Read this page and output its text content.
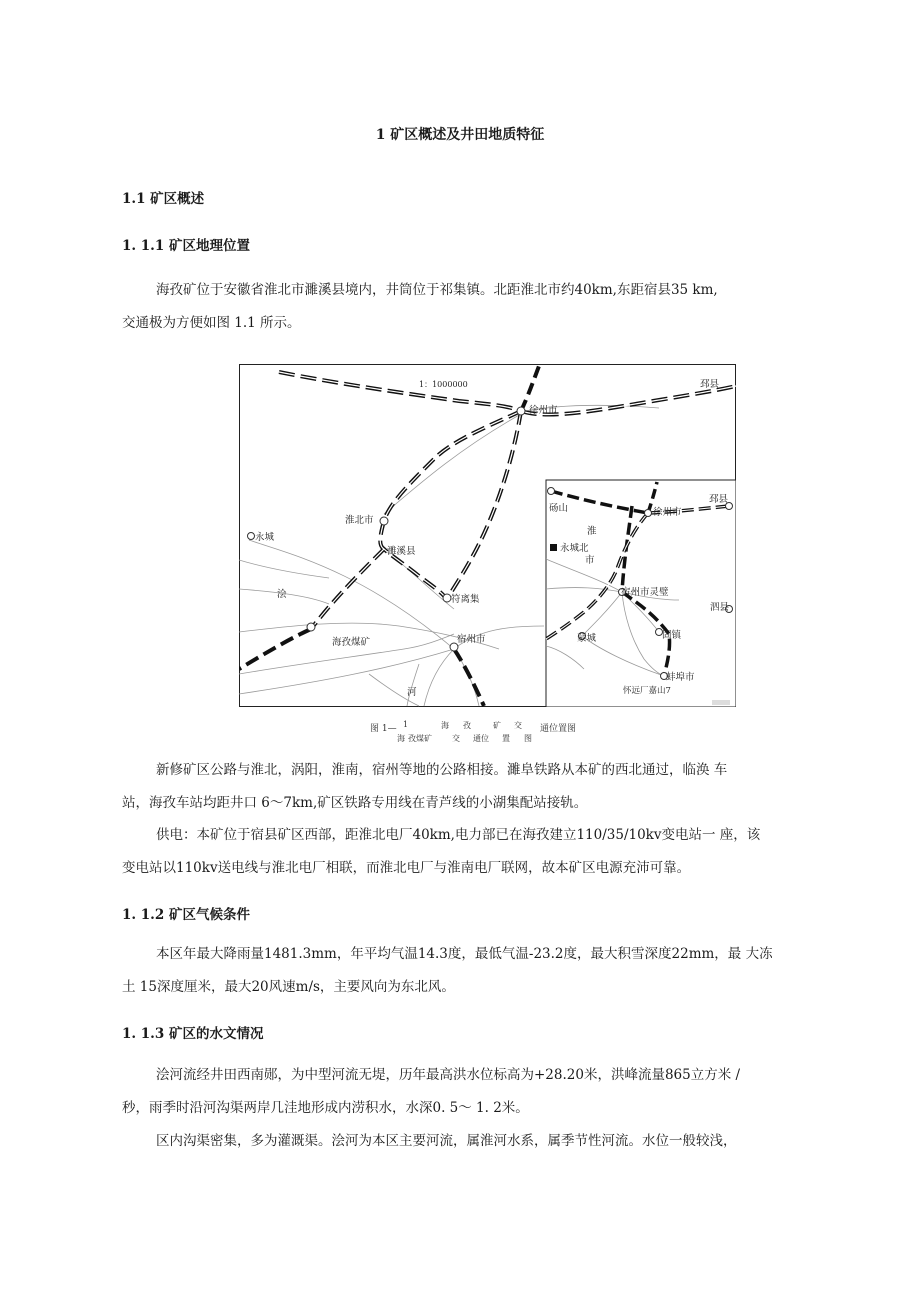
1 矿区概述及井田地质特征
1.1 矿区概述
1. 1.1 矿区地理位置
海孜矿位于安徽省淮北市濉溪县境内，井筒位于祁集镇。北距淮北市约40km,东距宿县35 km,
交通极为方便如图 1.1 所示。
1：1000000
徐州市
邳县
淮北市
永城
濉溪县
符离集
浍
海孜煤矿	宿州市
河
砀山	徐州市
邳县
淮
永城北
市
宿州市灵璧
泗县
蒙城	固镇
蚌埠市
怀远厂嘉山7
图 1— 1
海 孜煤矿
海
交
孜
通位
矿
置
交
图
通位置图
新修矿区公路与淮北，涡阳，淮南，宿州等地的公路相接。濉阜铁路从本矿的西北通过，临涣 车
站，海孜车站均距井口 6〜7km,矿区铁路专用线在青芦线的小湖集配站接轨。
供电：本矿位于宿县矿区西部，距淮北电厂40km,电力部已在海孜建立110/35/10kv变电站一 座，该
变电站以110kv送电线与淮北电厂相联，而淮北电厂与淮南电厂联网，故本矿区电源充沛可靠。
1. 1.2 矿区气候条件
本区年最大降雨量1481.3mm，年平均气温14.3度，最低气温-23.2度，最大积雪深度22mm，最 大冻
土 15深度厘米，最大20风速m/s，主要风向为东北风。
1. 1.3 矿区的水文情况
浍河流经井田西南郧，为中型河流无堤，历年最高洪水位标高为+28.20米，洪峰流量865立方米 /
秒，雨季时沿河沟渠两岸几洼地形成内涝积水，水深0. 5〜 1. 2米。
区内沟渠密集，多为灌溉渠。浍河为本区主要河流，属淮河水系，属季节性河流。水位一般较浅，
